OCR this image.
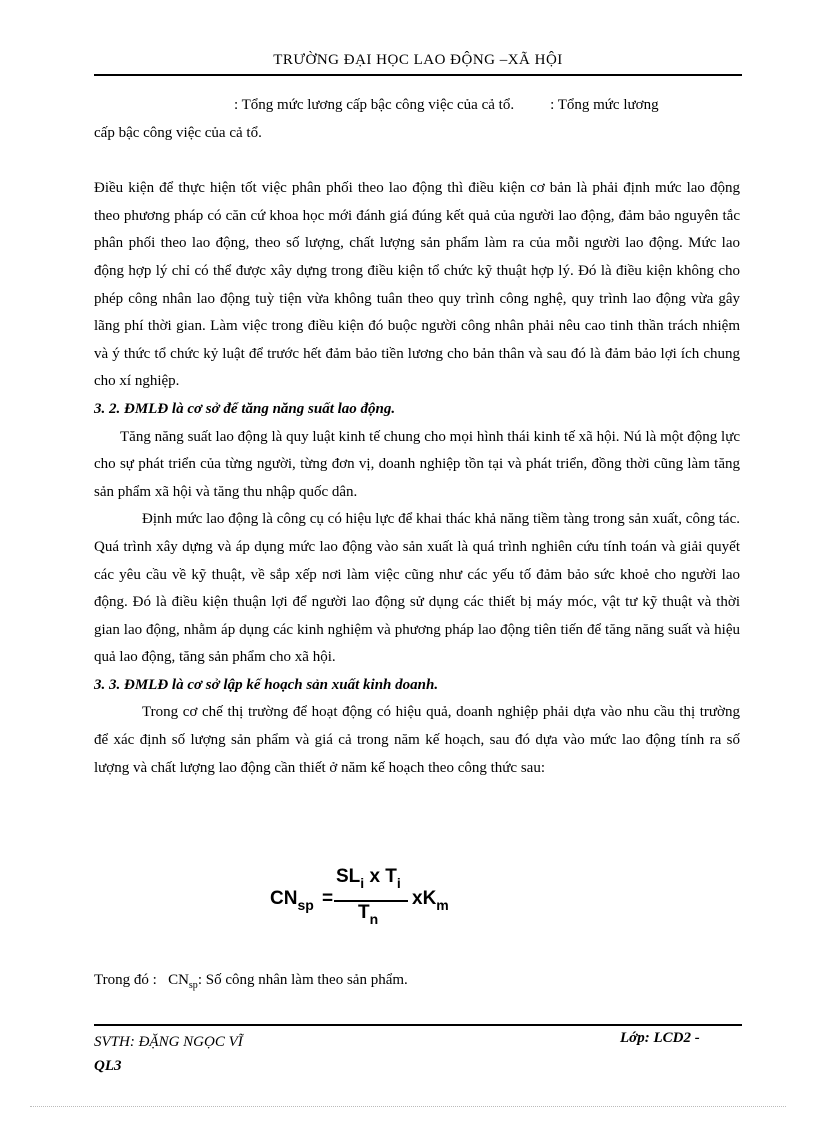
TRƯỜNG ĐẠI HỌC LAO ĐỘNG –XÃ HỘI

: Tổng mức lương cấp bậc công việc của cả tổ. : Tổng mức lương

cấp bậc công việc của cả tổ.

Điều kiện để thực hiện tốt việc phân phối theo lao động thì điều kiện cơ bản là phải định mức lao động theo phương pháp có căn cứ khoa học mới đánh giá đúng kết quả của người lao động, đảm bảo nguyên tắc phân phối theo lao động, theo số lượng, chất lượng sản phẩm làm ra của mỗi người lao động. Mức lao động hợp lý chỉ có thể được xây dựng trong điều kiện tổ chức kỹ thuật hợp lý. Đó là điều kiện không cho phép công nhân lao động tuỳ tiện vừa không tuân theo quy trình công nghệ, quy trình lao động vừa gây lãng phí thời gian. Làm việc trong điều kiện đó buộc người công nhân phải nêu cao tinh thần trách nhiệm và ý thức tổ chức kỷ luật để trước hết đảm bảo tiền lương cho bản thân và sau đó là đảm bảo lợi ích chung cho xí nghiệp.

3. 2. ĐMLĐ là cơ sở để tăng năng suất lao động.

Tăng năng suất lao động là quy luật kinh tế chung cho mọi hình thái kinh tế xã hội. Nú là một động lực cho sự phát triển của từng người, từng đơn vị, doanh nghiệp tồn tại và phát triển, đồng thời cũng làm tăng sản phẩm xã hội và tăng thu nhập quốc dân.

Định mức lao động là công cụ có hiệu lực để khai thác khả năng tiềm tàng trong sản xuất, công tác. Quá trình xây dựng và áp dụng mức lao động vào sản xuất là quá trình nghiên cứu tính toán và giải quyết các yêu cầu về kỹ thuật, về sắp xếp nơi làm việc cũng như các yếu tố đảm bảo sức khoẻ cho người lao động. Đó là điều kiện thuận lợi để người lao động sử dụng các thiết bị máy móc, vật tư kỹ thuật và thời gian lao động, nhằm áp dụng các kinh nghiệm và phương pháp lao động tiên tiến để tăng năng suất và hiệu quả lao động, tăng sản phẩm cho xã hội.

3. 3. ĐMLĐ là cơ sở lập kế hoạch sản xuất kinh doanh.

Trong cơ chế thị trường để hoạt động có hiệu quả, doanh nghiệp phải dựa vào nhu cầu thị trường để xác định số lượng sản phẩm và giá cả trong năm kế hoạch, sau đó dựa vào mức lao động tính ra số lượng và chất lượng lao động cần thiết ở năm kế hoạch theo công thức sau:

$CN_{sp}$ =
$SL_i$ x $T_i$
$T_n$
$xK_m$
Trong đó : $CN_{sp}$: Số công nhân làm theo sản phẩm.
SVTH: ĐẶNG NGỌC VĨ
QL3
Lớp: LCD2 -
